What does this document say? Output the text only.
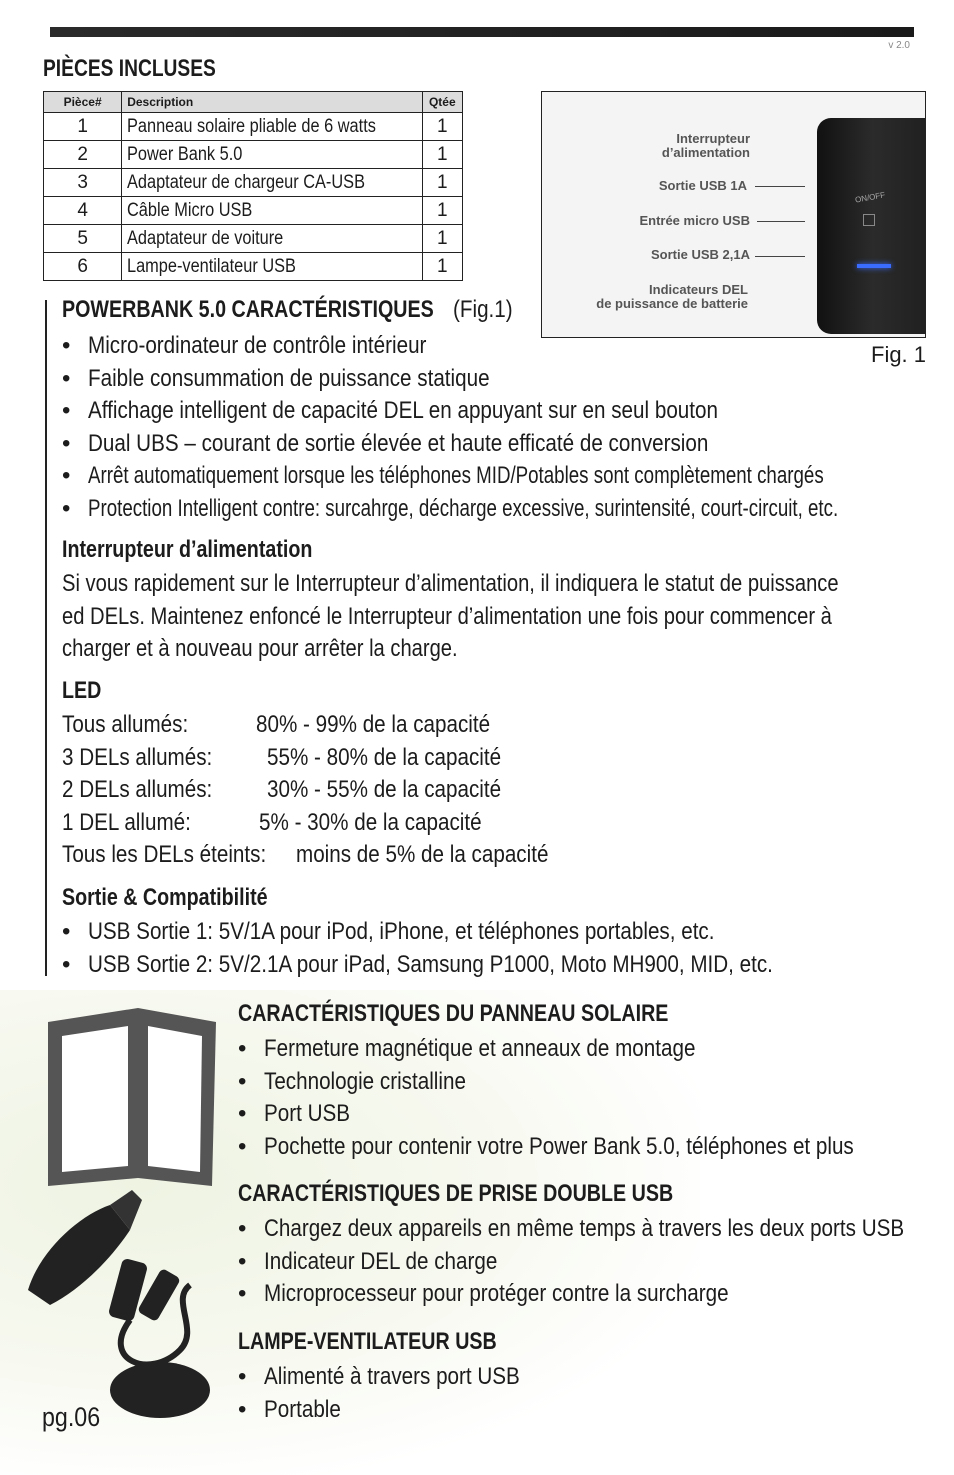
v 2.0
PIÈCES INCLUSES
Pièce#	Description	Qtée
1	Panneau solaire pliable de 6 watts	1
2	Power Bank 5.0	1
3	Adaptateur de chargeur CA-USB	1
4	Câble Micro USB	1
5	Adaptateur de voiture	1
6	Lampe-ventilateur USB	1
ON/OFF
Interrupteur
d’alimentation
Sortie USB 1A
Entrée micro USB
Sortie USB 2,1A
Indicateurs DEL
de puissance de batterie
Fig. 1
POWERBANK 5.0 CARACTÉRISTIQUES (Fig.1)
• Micro-ordinateur de contrôle intérieur
• Faible consummation de puissance statique
• Affichage intelligent de capacité DEL en appuyant sur en seul bouton
• Dual UBS – courant de sortie élevée et haute efficaté de conversion
• Arrêt automatiquement lorsque les téléphones MID/Potables sont complètement chargés
• Protection Intelligent contre: surcahrge, décharge excessive, surintensité, court-circuit, etc.
Interrupteur d’alimentation
Si vous rapidement sur le Interrupteur d’alimentation, il indiquera le statut de puissance
ed DELs. Maintenez enfoncé le Interrupteur d’alimentation une fois pour commencer à
charger et à nouveau pour arrêter la charge.
LED
Tous allumés:	80% - 99% de la capacité
3 DELs allumés: 55% - 80% de la capacité
2 DELs allumés: 30% - 55% de la capacité
1 DEL allumé:	5% - 30% de la capacité
Tous les DELs éteints: moins de 5% de la capacité
Sortie & Compatibilité
• USB Sortie 1: 5V/1A pour iPod, iPhone, et téléphones portables, etc.
• USB Sortie 2: 5V/2.1A pour iPad, Samsung P1000, Moto MH900, MID, etc.
CARACTÉRISTIQUES DU PANNEAU SOLAIRE
• Fermeture magnétique et anneaux de montage
• Technologie cristalline
• Port USB
• Pochette pour contenir votre Power Bank 5.0, téléphones et plus
CARACTÉRISTIQUES DE PRISE DOUBLE USB
• Chargez deux appareils en même temps à travers les deux ports USB
• Indicateur DEL de charge
• Microprocesseur pour protéger contre la surcharge
LAMPE-VENTILATEUR USB
• Alimenté à travers port USB
• Portable
pg.06
